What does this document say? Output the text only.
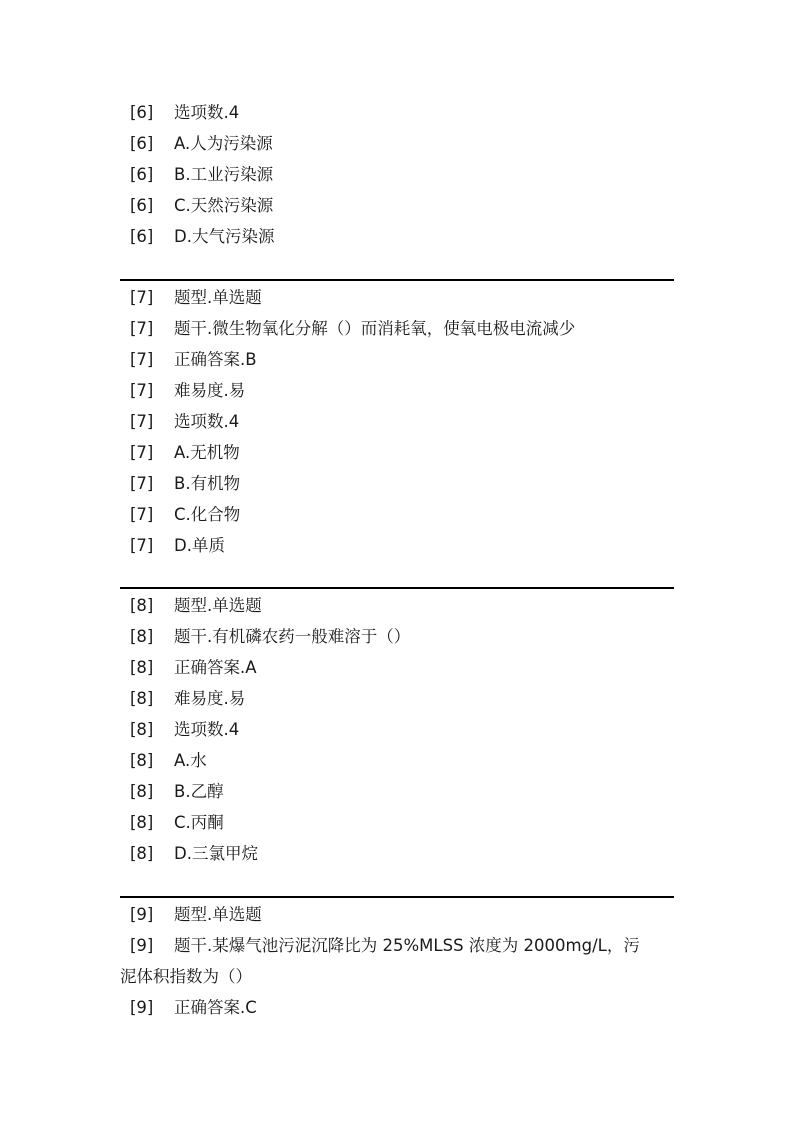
[6]	选项数.4
[6]	A.人为污染源
[6]	B.工业污染源
[6]	C.天然污染源
[6]	D.大气污染源
[7]	题型.单选题
[7]	题干.微生物氧化分解（）而消耗氧，使氧电极电流减少
[7]	正确答案.B
[7]	难易度.易
[7]	选项数.4
[7]	A.无机物
[7]	B.有机物
[7]	C.化合物
[7]	D.单质
[8]	题型.单选题
[8]	题干.有机磷农药一般难溶于（）
[8]	正确答案.A
[8]	难易度.易
[8]	选项数.4
[8]	A.水
[8]	B.乙醇
[8]	C.丙酮
[8]	D.三氯甲烷
[9]	题型.单选题
[9]	题干.某爆气池污泥沉降比为 25%MLSS 浓度为 2000mg/L，污
泥体积指数为（）
[9]	正确答案.C
